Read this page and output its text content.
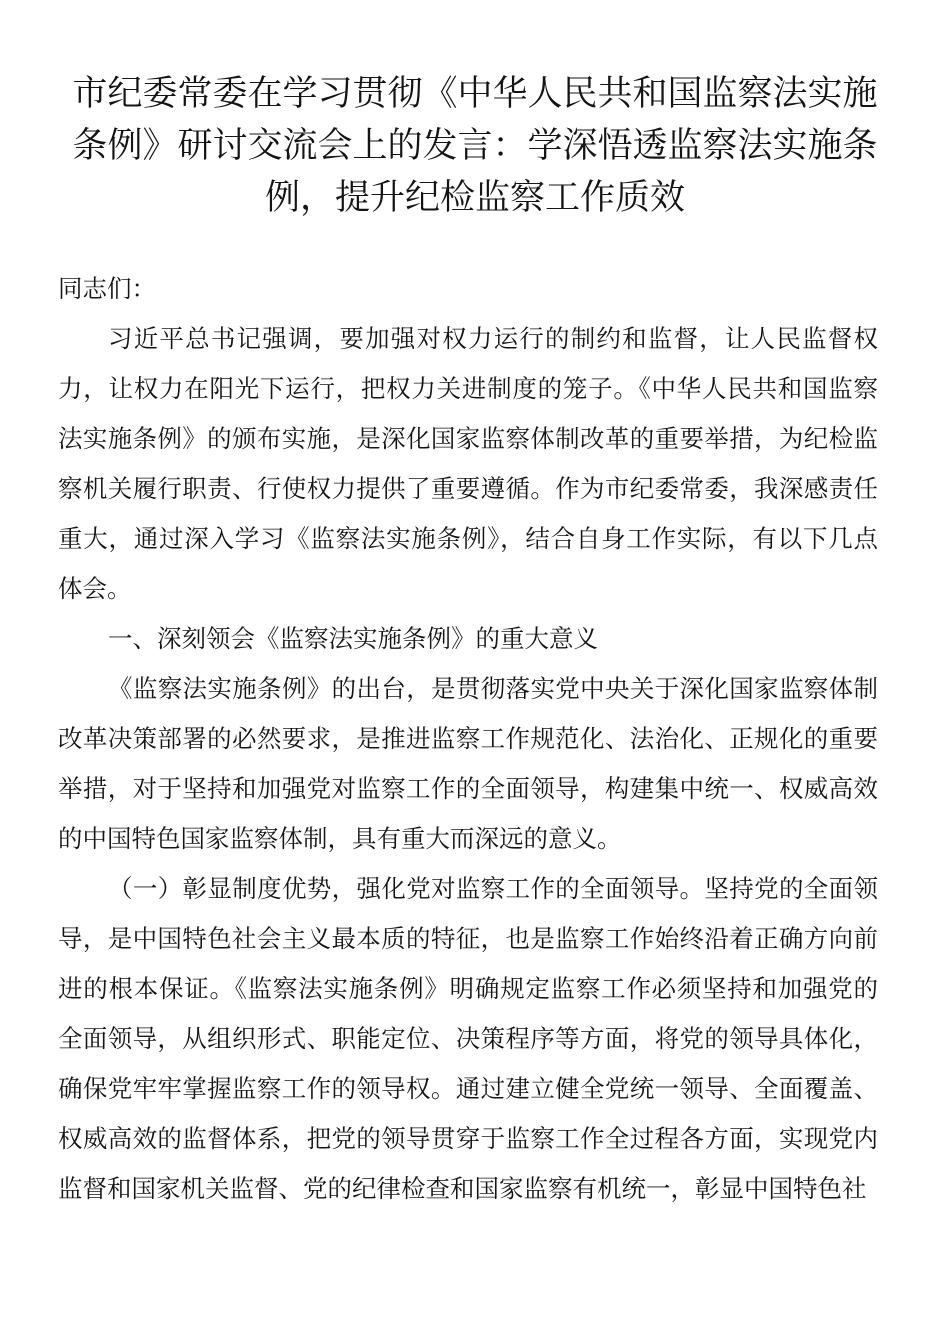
市纪委常委在学习贯彻《中华人民共和国监察法实施条例》研讨交流会上的发言：学深悟透监察法实施条例，提升纪检监察工作质效

同志们：

习近平总书记强调，要加强对权力运行的制约和监督，让人民监督权力，让权力在阳光下运行，把权力关进制度的笼子。《中华人民共和国监察法实施条例》的颁布实施，是深化国家监察体制改革的重要举措，为纪检监察机关履行职责、行使权力提供了重要遵循。作为市纪委常委，我深感责任重大，通过深入学习《监察法实施条例》，结合自身工作实际，有以下几点体会。

一、深刻领会《监察法实施条例》的重大意义

《监察法实施条例》的出台，是贯彻落实党中央关于深化国家监察体制改革决策部署的必然要求，是推进监察工作规范化、法治化、正规化的重要举措，对于坚持和加强党对监察工作的全面领导，构建集中统一、权威高效的中国特色国家监察体制，具有重大而深远的意义。

（一）彰显制度优势，强化党对监察工作的全面领导。坚持党的全面领导，是中国特色社会主义最本质的特征，也是监察工作始终沿着正确方向前进的根本保证。《监察法实施条例》明确规定监察工作必须坚持和加强党的全面领导，从组织形式、职能定位、决策程序等方面，将党的领导具体化，确保党牢牢掌握监察工作的领导权。通过建立健全党统一领导、全面覆盖、权威高效的监督体系，把党的领导贯穿于监察工作全过程各方面，实现党内监督和国家机关监督、党的纪律检查和国家监察有机统一，彰显中国特色社
